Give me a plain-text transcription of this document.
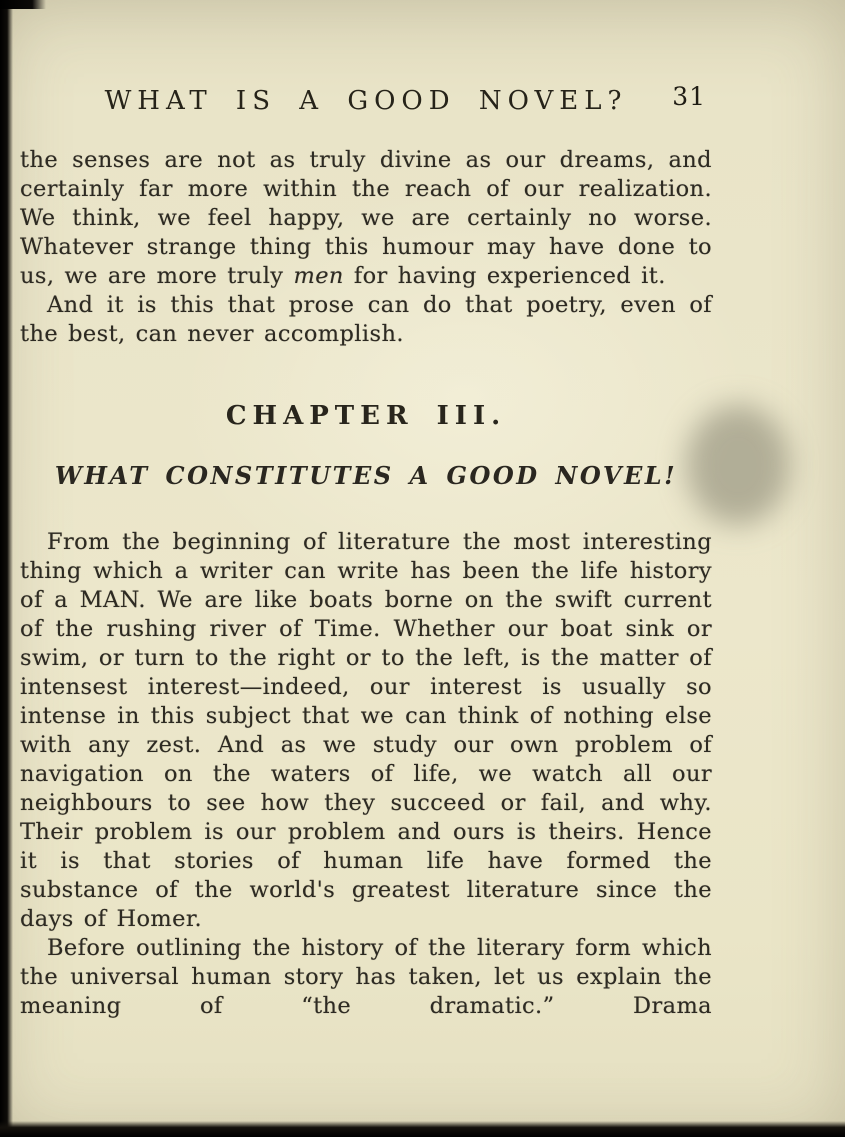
WHAT IS A GOOD NOVEL? 31

the senses are not as truly divine as our dreams, and certainly far more within the reach of our realization. We think, we feel happy, we are certainly no worse. Whatever strange thing this humour may have done to us, we are more truly men for having experienced it.

And it is this that prose can do that poetry, even of the best, can never accomplish.

CHAPTER III.
WHAT CONSTITUTES A GOOD NOVEL!

From the beginning of literature the most interesting thing which a writer can write has been the life history of a MAN. We are like boats borne on the swift current of the rushing river of Time. Whether our boat sink or swim, or turn to the right or to the left, is the matter of intensest interest—indeed, our interest is usually so intense in this subject that we can think of nothing else with any zest. And as we study our own problem of navigation on the waters of life, we watch all our neighbours to see how they succeed or fail, and why. Their problem is our problem and ours is theirs. Hence it is that stories of human life have formed the substance of the world's greatest literature since the days of Homer.

Before outlining the history of the literary form which the universal human story has taken, let us explain the meaning of “the dramatic.” Drama
